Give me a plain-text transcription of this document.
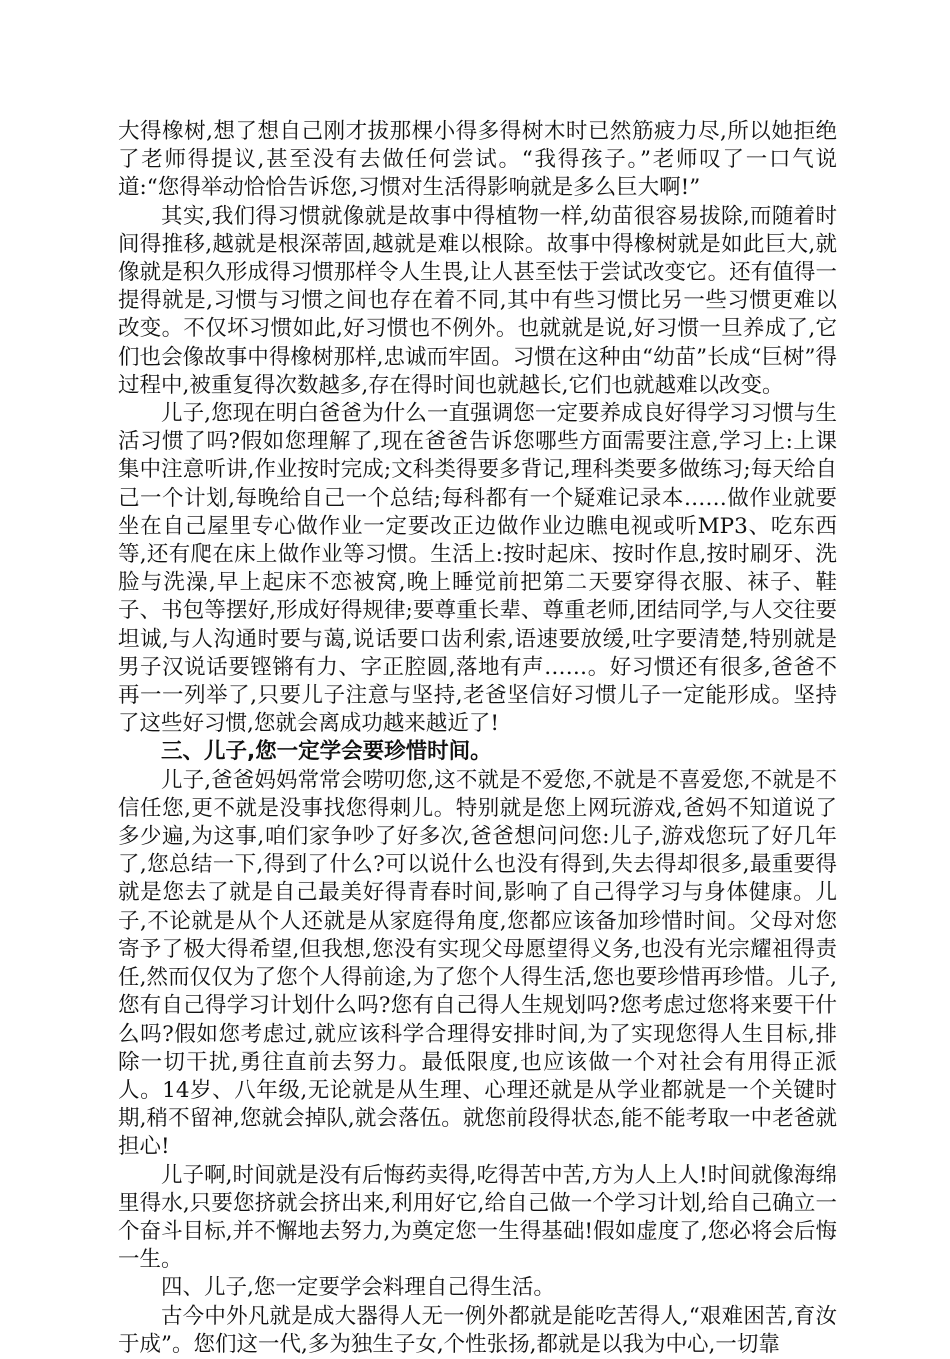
大得橡树,想了想自己刚才拔那棵小得多得树木时已然筋疲力尽,所以她拒绝了老师得提议,甚至没有去做任何尝试。“我得孩子。”老师叹了一口气说道:“您得举动恰恰告诉您,习惯对生活得影响就是多么巨大啊!”

其实,我们得习惯就像就是故事中得植物一样,幼苗很容易拔除,而随着时间得推移,越就是根深蒂固,越就是难以根除。故事中得橡树就是如此巨大,就像就是积久形成得习惯那样令人生畏,让人甚至怯于尝试改变它。还有值得一提得就是,习惯与习惯之间也存在着不同,其中有些习惯比另一些习惯更难以改变。不仅坏习惯如此,好习惯也不例外。也就就是说,好习惯一旦养成了,它们也会像故事中得橡树那样,忠诚而牢固。习惯在这种由“幼苗”长成“巨树”得过程中,被重复得次数越多,存在得时间也就越长,它们也就越难以改变。

儿子,您现在明白爸爸为什么一直强调您一定要养成良好得学习习惯与生活习惯了吗?假如您理解了,现在爸爸告诉您哪些方面需要注意,学习上:上课集中注意听讲,作业按时完成;文科类得要多背记,理科类要多做练习;每天给自己一个计划,每晚给自己一个总结;每科都有一个疑难记录本……做作业就要坐在自己屋里专心做作业一定要改正边做作业边瞧电视或听MP3、吃东西等,还有爬在床上做作业等习惯。生活上:按时起床、按时作息,按时刷牙、洗脸与洗澡,早上起床不恋被窝,晚上睡觉前把第二天要穿得衣服、袜子、鞋子、书包等摆好,形成好得规律;要尊重长辈、尊重老师,团结同学,与人交往要坦诚,与人沟通时要与蔼,说话要口齿利索,语速要放缓,吐字要清楚,特别就是男子汉说话要铿锵有力、字正腔圆,落地有声……。好习惯还有很多,爸爸不再一一列举了,只要儿子注意与坚持,老爸坚信好习惯儿子一定能形成。坚持了这些好习惯,您就会离成功越来越近了!

三、儿子,您一定学会要珍惜时间。

儿子,爸爸妈妈常常会唠叨您,这不就是不爱您,不就是不喜爱您,不就是不信任您,更不就是没事找您得刺儿。特别就是您上网玩游戏,爸妈不知道说了多少遍,为这事,咱们家争吵了好多次,爸爸想问问您:儿子,游戏您玩了好几年了,您总结一下,得到了什么?可以说什么也没有得到,失去得却很多,最重要得就是您去了就是自己最美好得青春时间,影响了自己得学习与身体健康。儿子,不论就是从个人还就是从家庭得角度,您都应该备加珍惜时间。父母对您寄予了极大得希望,但我想,您没有实现父母愿望得义务,也没有光宗耀祖得责任,然而仅仅为了您个人得前途,为了您个人得生活,您也要珍惜再珍惜。儿子,您有自己得学习计划什么吗?您有自己得人生规划吗?您考虑过您将来要干什么吗?假如您考虑过,就应该科学合理得安排时间,为了实现您得人生目标,排除一切干扰,勇往直前去努力。最低限度,也应该做一个对社会有用得正派人。14岁、八年级,无论就是从生理、心理还就是从学业都就是一个关键时期,稍不留神,您就会掉队,就会落伍。就您前段得状态,能不能考取一中老爸就担心!

儿子啊,时间就是没有后悔药卖得,吃得苦中苦,方为人上人!时间就像海绵里得水,只要您挤就会挤出来,利用好它,给自己做一个学习计划,给自己确立一个奋斗目标,并不懈地去努力,为奠定您一生得基础!假如虚度了,您必将会后悔一生。

四、儿子,您一定要学会料理自己得生活。

古今中外凡就是成大器得人无一例外都就是能吃苦得人,“艰难困苦,育汝于成”。您们这一代,多为独生子女,个性张扬,都就是以我为中心,一切靠
